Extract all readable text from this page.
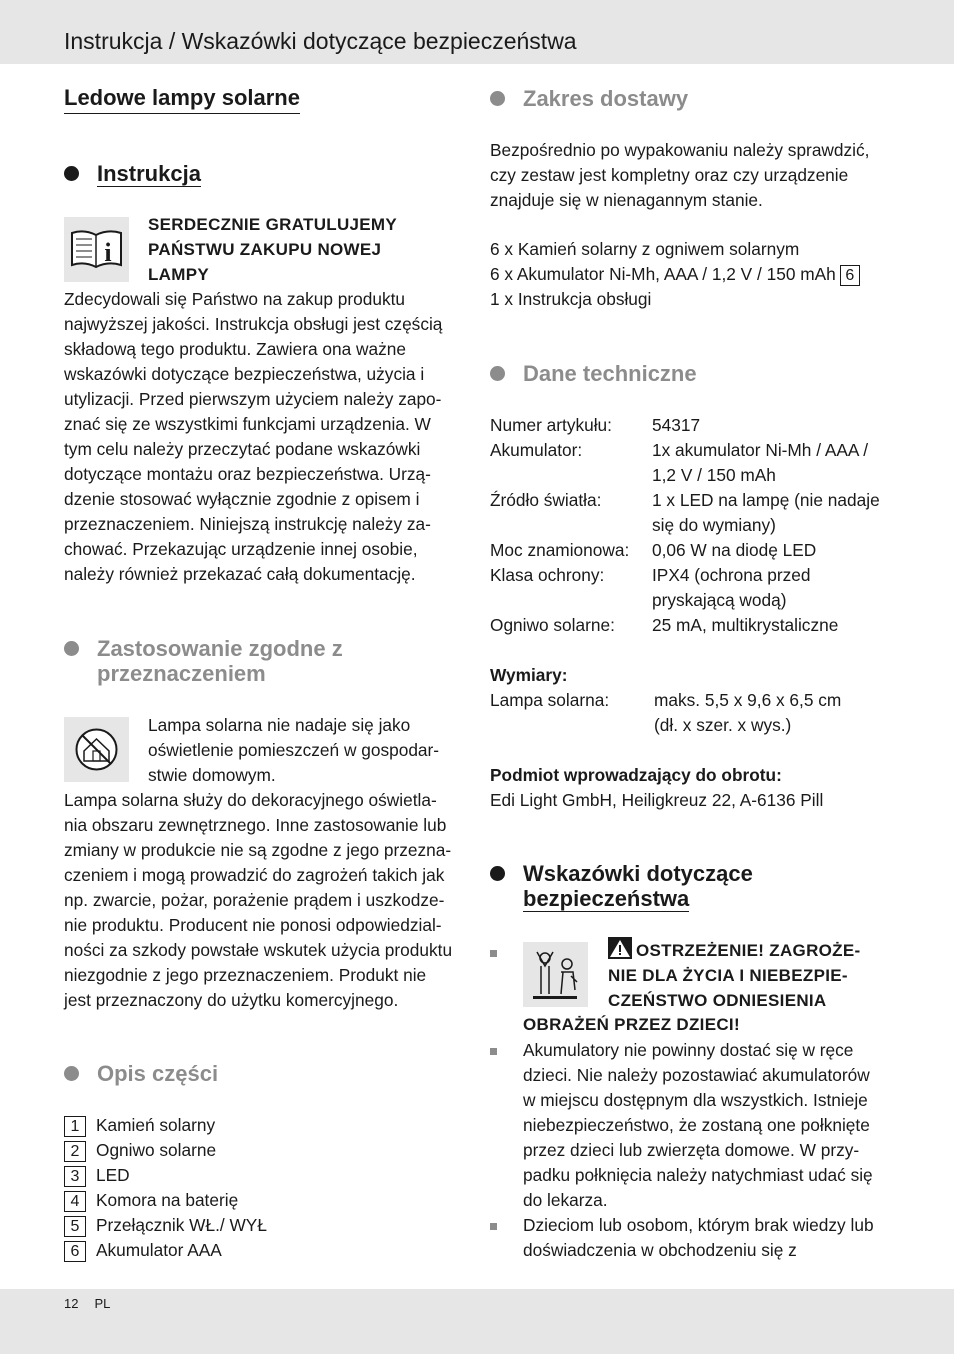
Instrukcja / Wskazówki dotyczące bezpieczeństwa
Ledowe lampy solarne
Instrukcja
i
SERDECZNIE GRATULUJEMY
PAŃSTWU ZAKUPU NOWEJ
LAMPY
Zdecydowali się Państwo na zakup produktu
najwyższej jakości. Instrukcja obsługi jest częścią
składową tego produktu. Zawiera ona ważne
wskazówki dotyczące bezpieczeństwa, użycia i
utylizacji. Przed pierwszym użyciem należy zapo-
znać się ze wszystkimi funkcjami urządzenia. W
tym celu należy przeczytać podane wskazówki
dotyczące montażu oraz bezpieczeństwa. Urzą-
dzenie stosować wyłącznie zgodnie z opisem i
przeznaczeniem. Niniejszą instrukcję należy za-
chować. Przekazując urządzenie innej osobie,
należy również przekazać całą dokumentację.
Zastosowanie zgodne z
przeznaczeniem
Lampa solarna nie nadaje się jako
oświetlenie pomieszczeń w gospodar-
stwie domowym.
Lampa solarna służy do dekoracyjnego oświetla-
nia obszaru zewnętrznego. Inne zastosowanie lub
zmiany w produkcie nie są zgodne z jego przezna-
czeniem i mogą prowadzić do zagrożeń takich jak
np. zwarcie, pożar, porażenie prądem i uszkodze-
nie produktu. Producent nie ponosi odpowiedzial-
ności za szkody powstałe wskutek użycia produktu
niezgodnie z jego przeznaczeniem. Produkt nie
jest przeznaczony do użytku komercyjnego.
Opis części
1 Kamień solarny
2 Ogniwo solarne
3 LED
4 Komora na baterię
5 Przełącznik WŁ./ WYŁ
6 Akumulator AAA
Zakres dostawy
Bezpośrednio po wypakowaniu należy sprawdzić,
czy zestaw jest kompletny oraz czy urządzenie
znajduje się w nienagannym stanie.
6 x Kamień solarny z ogniwem solarnym
6 x Akumulator Ni-Mh, AAA / 1,2 V / 150 mAh 6
1 x Instrukcja obsługi
Dane techniczne
Numer artykułu: 54317
Akumulator:	1x akumulator Ni-Mh / AAA /
1,2 V / 150 mAh
Źródło światła:	1 x LED na lampę (nie nadaje
się do wymiany)
Moc znamionowa: 0,06 W na diodę LED
Klasa ochrony:	IPX4 (ochrona przed
pryskającą wodą)
Ogniwo solarne: 25 mA, multikrystaliczne
Wymiary:
Lampa solarna:	maks. 5,5 x 9,6 x 6,5 cm
(dł. x szer. x wys.)
Podmiot wprowadzający do obrotu:
Edi Light GmbH, Heiligkreuz 22, A-6136 Pill
Wskazówki dotyczące
bezpieczeństwa
OSTRZEŻENIE! ZAGROŻE-
NIE DLA ŻYCIA I NIEBEZPIE-
CZEŃSTWO ODNIESIENIA
OBRAŻEŃ PRZEZ DZIECI!
Akumulatory nie powinny dostać się w ręce
dzieci. Nie należy pozostawiać akumulatorów
w miejscu dostępnym dla wszystkich. Istnieje
niebezpieczeństwo, że zostaną one połknięte
przez dzieci lub zwierzęta domowe. W przy-
padku połknięcia należy natychmiast udać się
do lekarza.
Dzieciom lub osobom, którym brak wiedzy lub
doświadczenia w obchodzeniu się z
12 PL
